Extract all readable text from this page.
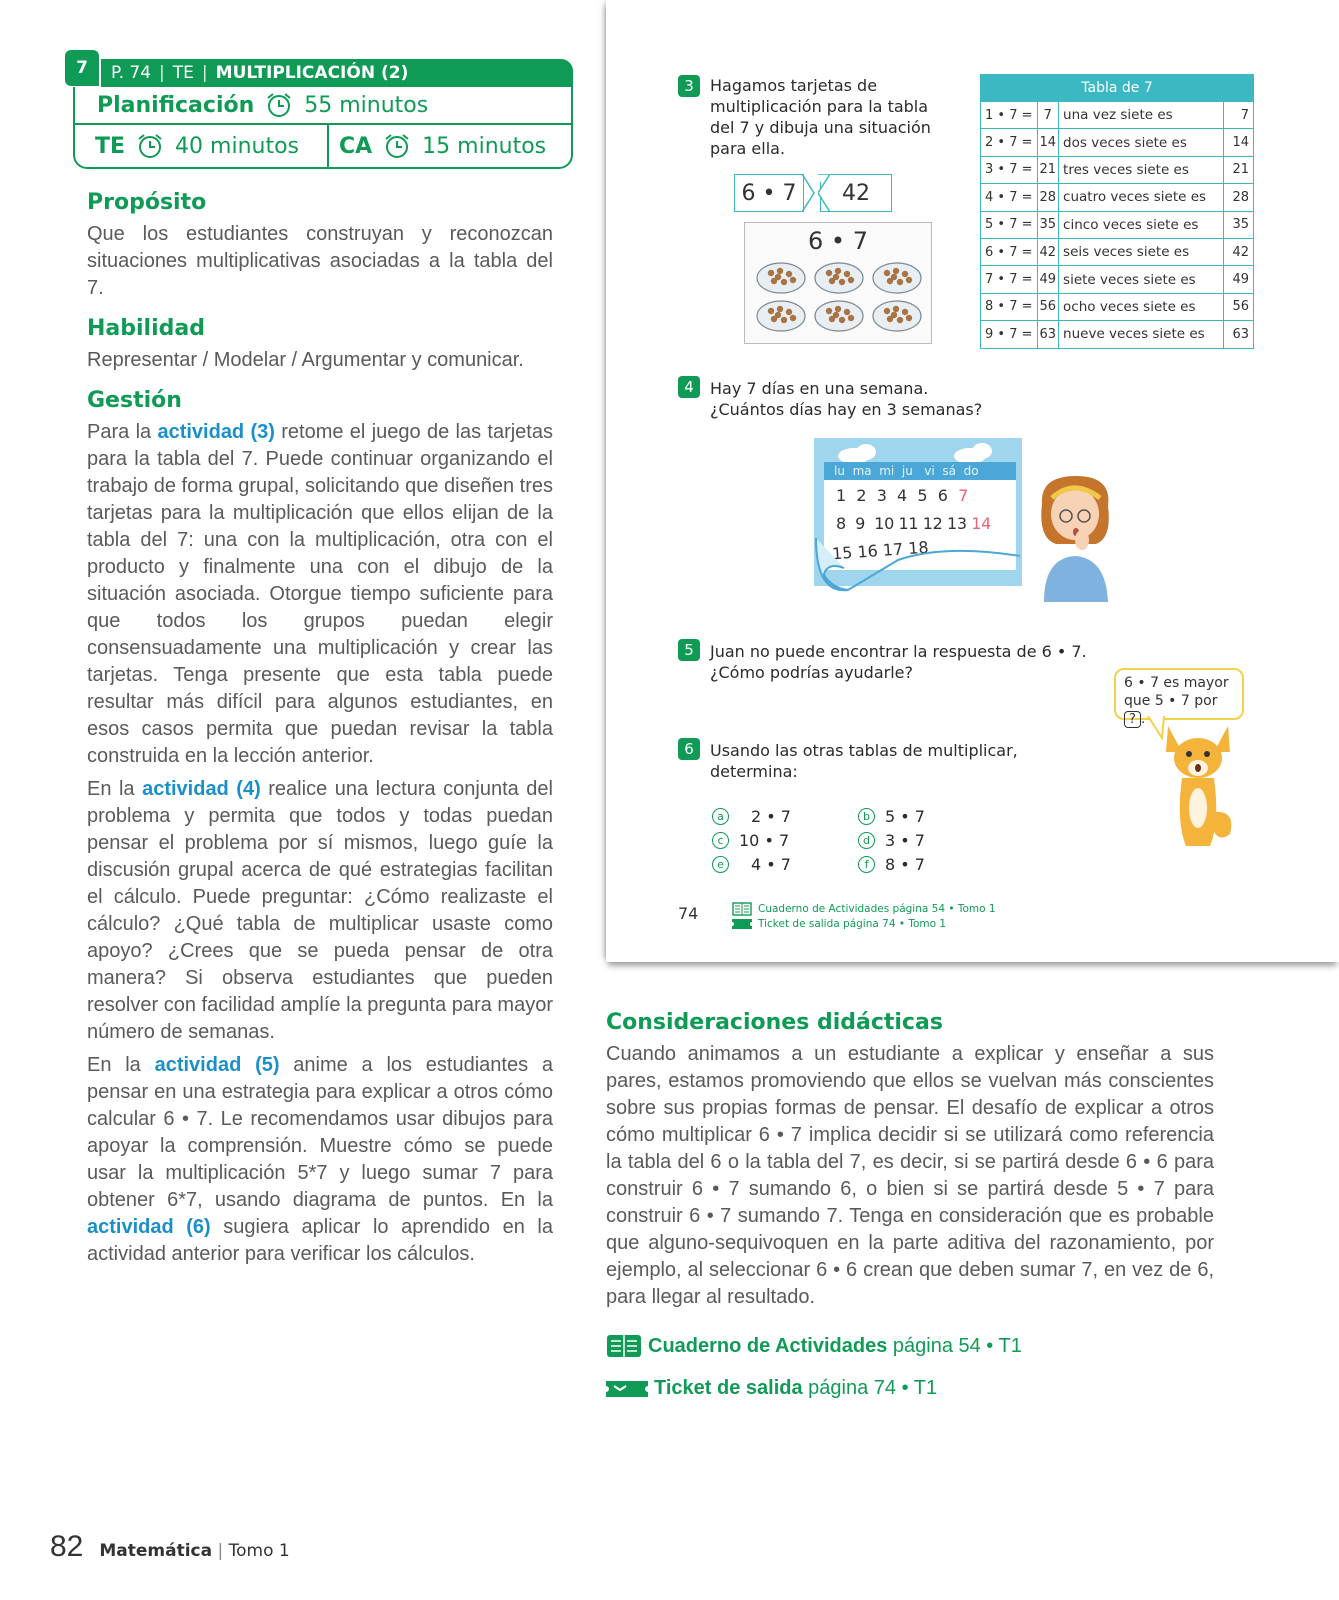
7	P. 74 | TE | MULTIPLICACIÓN (2)
Planificación 55 minutos
TE 40 minutos CA 15 minutos
Propósito

Que los estudiantes construyan y reconozcan situaciones multiplicativas asociadas a la tabla del 7.

Habilidad

Representar / Modelar / Argumentar y comunicar.

Gestión

Para la actividad (3) retome el juego de las tarjetas para la tabla del 7. Puede continuar organizando el trabajo de forma grupal, solicitando que diseñen tres tarjetas para la multiplicación que ellos elijan de la tabla del 7: una con la multiplicación, otra con el producto y finalmente una con el dibujo de la situación asociada. Otorgue tiempo suficiente para que todos los grupos puedan elegir consensuadamente una multiplicación y crear las tarjetas. Tenga presente que esta tabla puede resultar más difícil para algunos estudiantes, en esos casos permita que puedan revisar la tabla construida en la lección anterior.

En la actividad (4) realice una lectura conjunta del problema y permita que todos y todas puedan pensar el problema por sí mismos, luego guíe la discusión grupal acerca de qué estrategias facilitan el cálculo. Puede preguntar: ¿Cómo realizaste el cálculo? ¿Qué tabla de multiplicar usaste como apoyo? ¿Crees que se pueda pensar de otra manera? Si observa estudiantes que pueden resolver con facilidad amplíe la pregunta para mayor número de semanas.

En la actividad (5) anime a los estudiantes a pensar en una estrategia para explicar a otros cómo calcular 6 • 7. Le recomendamos usar dibujos para apoyar la comprensión. Muestre cómo se puede usar la multiplicación 5*7 y luego sumar 7 para obtener 6*7, usando diagrama de puntos. En la actividad (6) sugiera aplicar lo aprendido en la actividad anterior para verificar los cálculos.

3	Hagamos tarjetas de multiplicación para la tabla del 7 y dibuja una situación para ella.
6 • 7	42
6 • 7
Tabla de 7			
1 • 7 =	7	una vez siete es	7
2 • 7 =	14	dos veces siete es	14
3 • 7 =	21	tres veces siete es	21
4 • 7 =	28	cuatro veces siete es	28
5 • 7 =	35	cinco veces siete es	35
6 • 7 =	42	seis veces siete es	42
7 • 7 =	49	siete veces siete es	49
8 • 7 =	56	ocho veces siete es	56
9 • 7 =	63	nueve veces siete es	63
4	Hay 7 días en una semana.
¿Cuántos días hay en 3 semanas?
lu  ma  mi  ju   vi  sá  do
1  2  3  4  5  6 7
8  9  10 11 12 13 14
15 16 17 18
5	Juan no puede encontrar la respuesta de 6 • 7.
¿Cómo podrías ayudarle?
6 • 7 es mayor
que 5 • 7 por ? .
6	Usando las otras tablas de multiplicar,
determina:
a	2 • 7	b 5 • 7
c 10 • 7	d 3 • 7
e	4 • 7	f	8 • 7
74	Cuaderno de Actividades página 54 • Tomo 1
Ticket de salida página 74 • Tomo 1
Consideraciones didácticas

Cuando animamos a un estudiante a explicar y enseñar a sus pares, estamos promoviendo que ellos se vuelvan más conscientes sobre sus propias formas de pensar. El desafío de explicar a otros cómo multiplicar 6 • 7 implica decidir si se utilizará como referencia la tabla del 6 o la tabla del 7, es decir, si se partirá desde 6 • 6 para construir 6 • 7 sumando 6, o bien si se partirá desde 5 • 7 para construir 6 • 7 sumando 7. Tenga en consideración que es probable que alguno-sequivoquen en la parte aditiva del razonamiento, por ejemplo, al seleccionar 6 • 6 crean que deben sumar 7, en vez de 6, para llegar al resultado.

Cuaderno de Actividades página 54 • T1
Ticket de salida página 74 • T1
82 Matemática | Tomo 1
